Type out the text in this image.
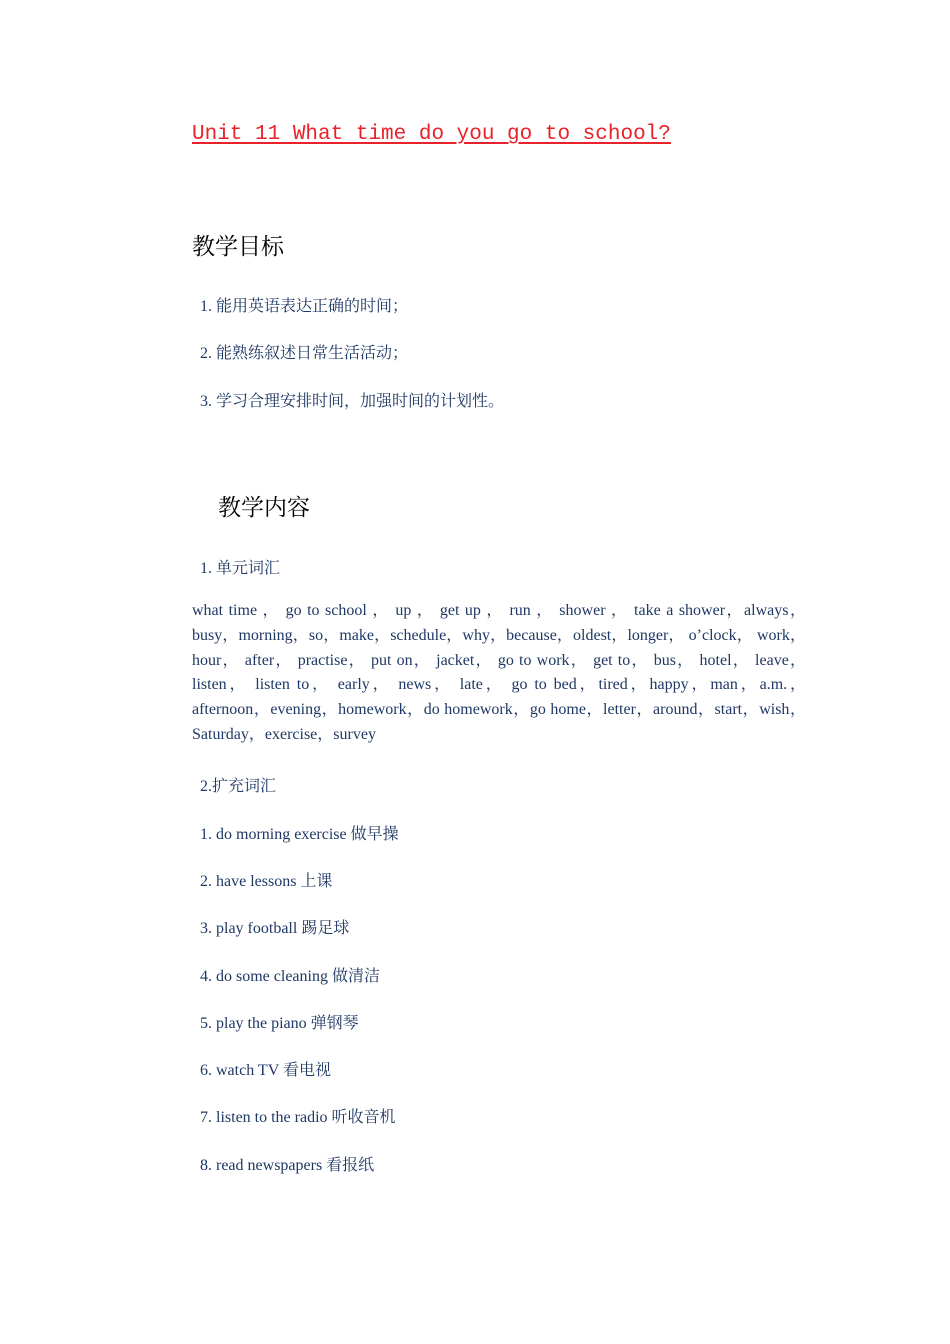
Unit 11 What time do you go to school?
教学目标
1. 能用英语表达正确的时间；
2. 能熟练叙述日常生活活动；
3. 学习合理安排时间，加强时间的计划性。
教学内容
1. 单元词汇
what time ， go to school ， up ， get up ， run ， shower ， take a shower，always，busy，morning，so，make，schedule，why，because，oldest，longer， o’clock， work， hour， after， practise， put on， jacket， go to work， get to， bus， hotel， leave， listen， listen to， early， news， late， go to bed，tired，happy，man，a.m.，afternoon，evening，homework，do homework，go home，letter，around，start，wish，Saturday，exercise，survey
2.扩充词汇
1. do morning exercise 做早操
2. have lessons 上课
3. play football 踢足球
4. do some cleaning 做清洁
5. play the piano 弹钢琴
6. watch TV 看电视
7. listen to the radio 听收音机
8. read newspapers 看报纸
